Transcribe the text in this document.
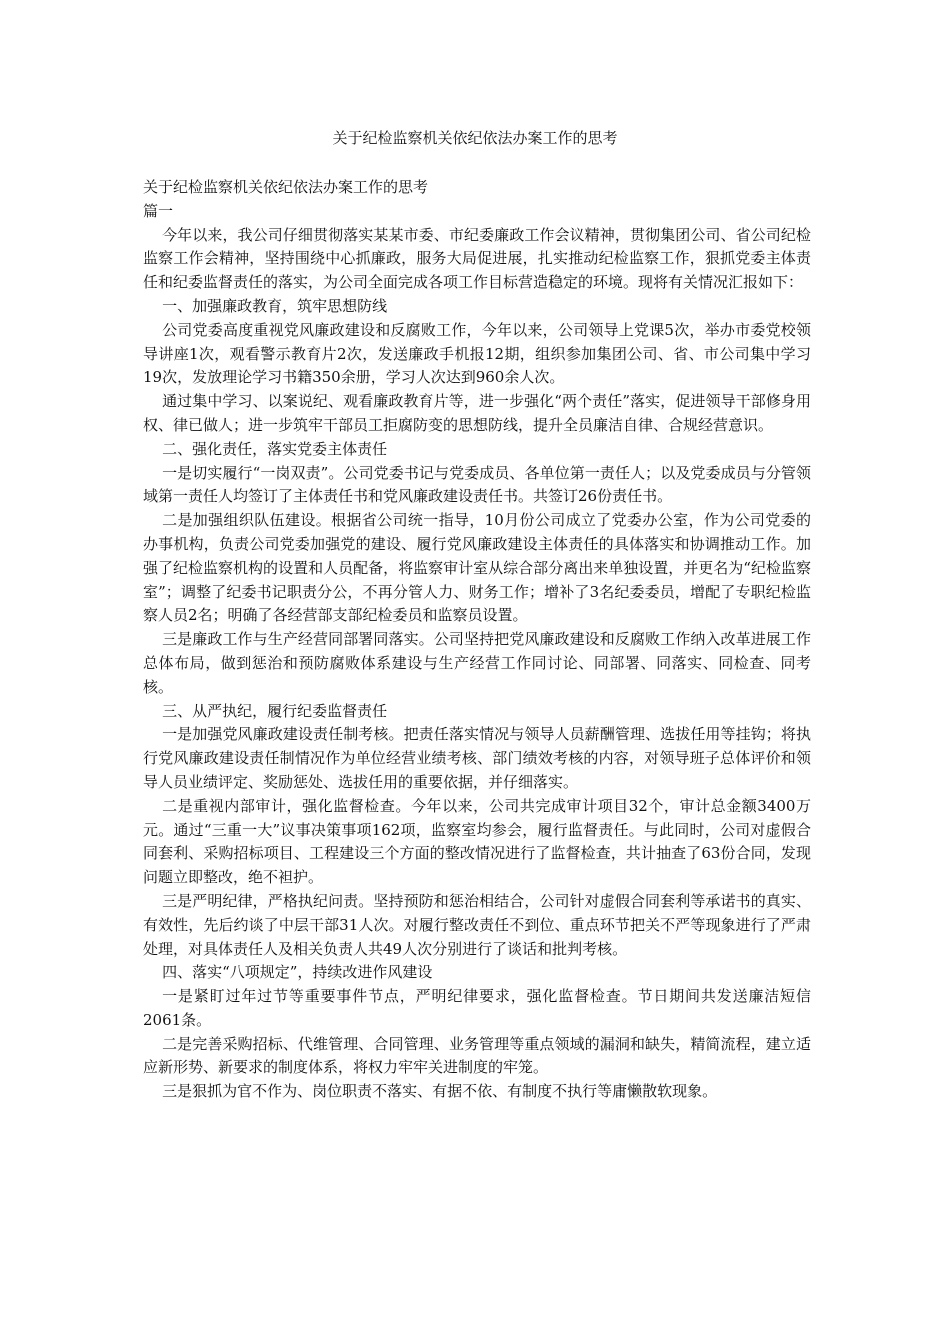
关于纪检监察机关依纪依法办案工作的思考

关于纪检监察机关依纪依法办案工作的思考

篇一

今年以来，我公司仔细贯彻落实某某市委、市纪委廉政工作会议精神，贯彻集团公司、省公司纪检监察工作会精神，坚持围绕中心抓廉政，服务大局促进展，扎实推动纪检监察工作，狠抓党委主体责任和纪委监督责任的落实，为公司全面完成各项工作目标营造稳定的环境。现将有关情况汇报如下：

一、加强廉政教育，筑牢思想防线

公司党委高度重视党风廉政建设和反腐败工作，今年以来，公司领导上党课5次，举办市委党校领导讲座1次，观看警示教育片2次，发送廉政手机报12期，组织参加集团公司、省、市公司集中学习19次，发放理论学习书籍350余册，学习人次达到960余人次。

通过集中学习、以案说纪、观看廉政教育片等，进一步强化“两个责任”落实，促进领导干部修身用权、律已做人；进一步筑牢干部员工拒腐防变的思想防线，提升全员廉洁自律、合规经营意识。

二、强化责任，落实党委主体责任

一是切实履行“一岗双责”。公司党委书记与党委成员、各单位第一责任人；以及党委成员与分管领域第一责任人均签订了主体责任书和党风廉政建设责任书。共签订26份责任书。

二是加强组织队伍建设。根据省公司统一指导，10月份公司成立了党委办公室，作为公司党委的办事机构，负责公司党委加强党的建设、履行党风廉政建设主体责任的具体落实和协调推动工作。加强了纪检监察机构的设置和人员配备，将监察审计室从综合部分离出来单独设置，并更名为“纪检监察室”；调整了纪委书记职责分公，不再分管人力、财务工作；增补了3名纪委委员，增配了专职纪检监察人员2名；明确了各经营部支部纪检委员和监察员设置。

三是廉政工作与生产经营同部署同落实。公司坚持把党风廉政建设和反腐败工作纳入改革进展工作总体布局，做到惩治和预防腐败体系建设与生产经营工作同讨论、同部署、同落实、同检查、同考核。

三、从严执纪，履行纪委监督责任

一是加强党风廉政建设责任制考核。把责任落实情况与领导人员薪酬管理、选拔任用等挂钩；将执行党风廉政建设责任制情况作为单位经营业绩考核、部门绩效考核的内容，对领导班子总体评价和领导人员业绩评定、奖励惩处、选拔任用的重要依据，并仔细落实。

二是重视内部审计，强化监督检查。今年以来，公司共完成审计项目32个，审计总金额3400万元。通过“三重一大”议事决策事项162项，监察室均参会，履行监督责任。与此同时，公司对虚假合同套利、采购招标项目、工程建设三个方面的整改情况进行了监督检查，共计抽查了63份合同，发现问题立即整改，绝不袒护。

三是严明纪律，严格执纪问责。坚持预防和惩治相结合，公司针对虚假合同套利等承诺书的真实、有效性，先后约谈了中层干部31人次。对履行整改责任不到位、重点环节把关不严等现象进行了严肃处理，对具体责任人及相关负责人共49人次分别进行了谈话和批判考核。

四、落实“八项规定”，持续改进作风建设

一是紧盯过年过节等重要事件节点，严明纪律要求，强化监督检查。节日期间共发送廉洁短信2061条。

二是完善采购招标、代维管理、合同管理、业务管理等重点领域的漏洞和缺失，精简流程，建立适应新形势、新要求的制度体系，将权力牢牢关进制度的牢笼。

三是狠抓为官不作为、岗位职责不落实、有据不依、有制度不执行等庸懒散软现象。
